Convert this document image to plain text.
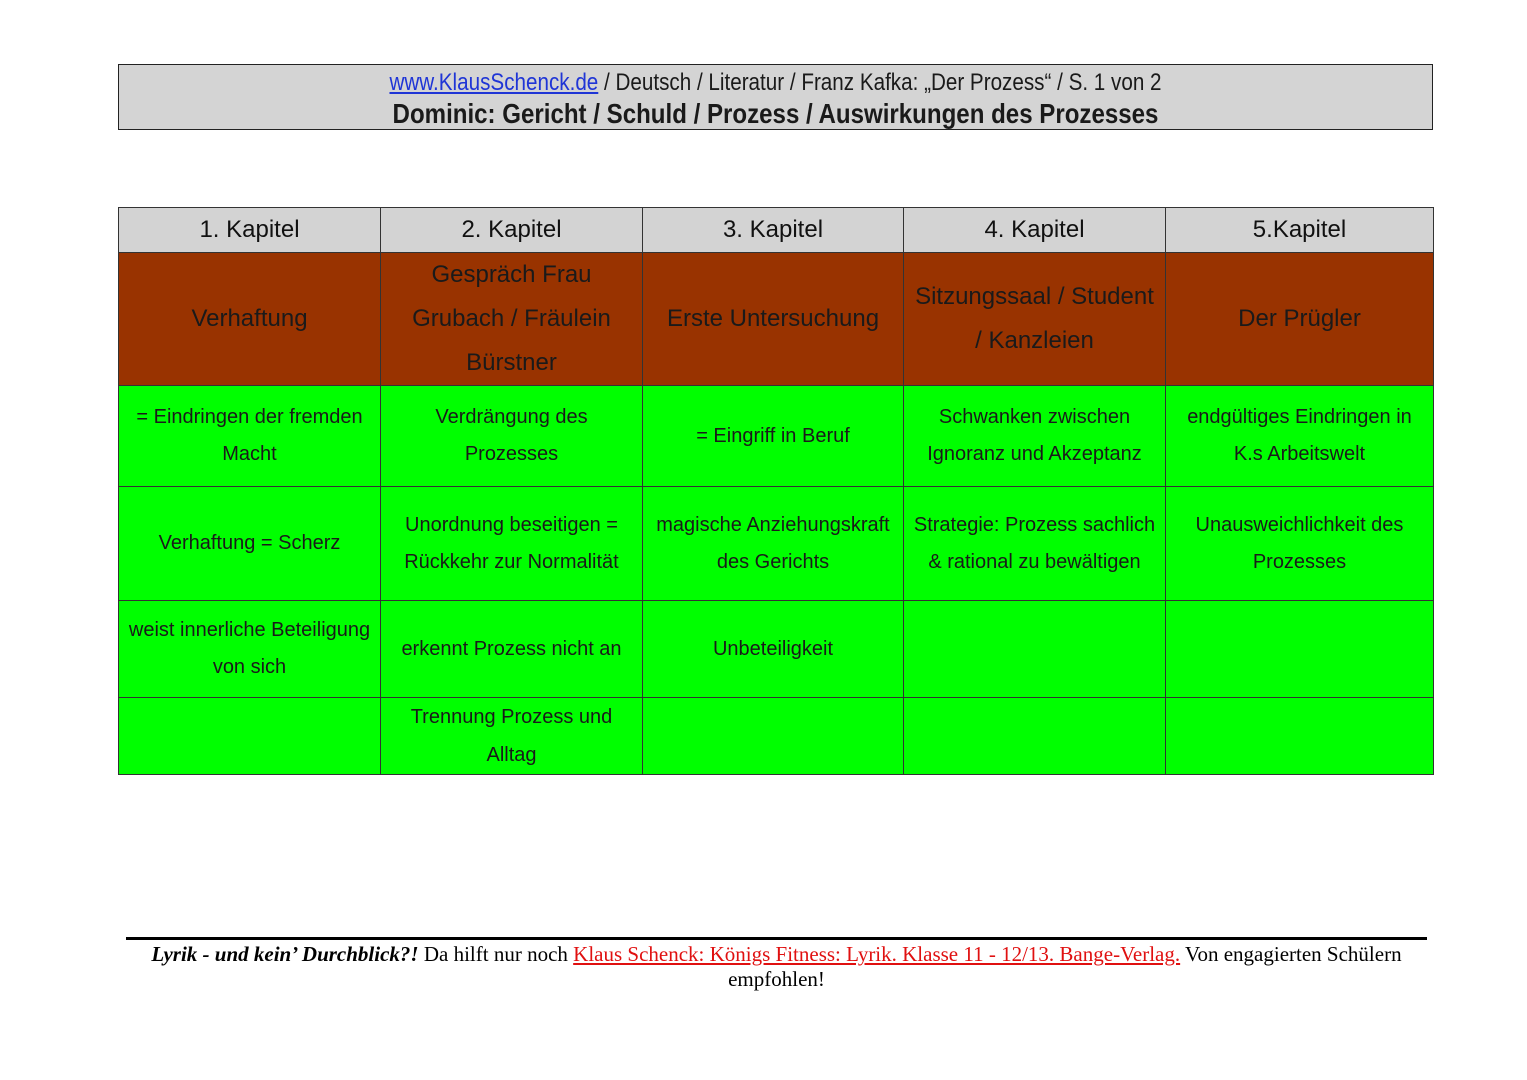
www.KlausSchenck.de / Deutsch / Literatur / Franz Kafka: „Der Prozess“ / S. 1 von 2
Dominic: Gericht / Schuld / Prozess / Auswirkungen des Prozesses
1. Kapitel	2. Kapitel	3. Kapitel	4. Kapitel	5.Kapitel
Verhaftung	Gespräch Frau Grubach / Fräulein Bürstner	Erste Untersuchung	Sitzungssaal / Student / Kanzleien	Der Prügler
= Eindringen der fremden Macht	Verdrängung des Prozesses	= Eingriff in Beruf	Schwanken zwischen Ignoranz und Akzeptanz	endgültiges Eindringen in K.s Arbeitswelt
Verhaftung = Scherz	Unordnung beseitigen = Rückkehr zur Normalität	magische Anziehungskraft des Gerichts	Strategie: Prozess sachlich & rational zu bewältigen	Unausweichlichkeit des Prozesses
weist innerliche Beteiligung von sich	erkennt Prozess nicht an	Unbeteiligkeit		
	Trennung Prozess und Alltag			
Lyrik - und kein’ Durchblick?! Da hilft nur noch Klaus Schenck: Königs Fitness: Lyrik. Klasse 11 - 12/13. Bange-Verlag. Von engagierten Schülern empfohlen!
